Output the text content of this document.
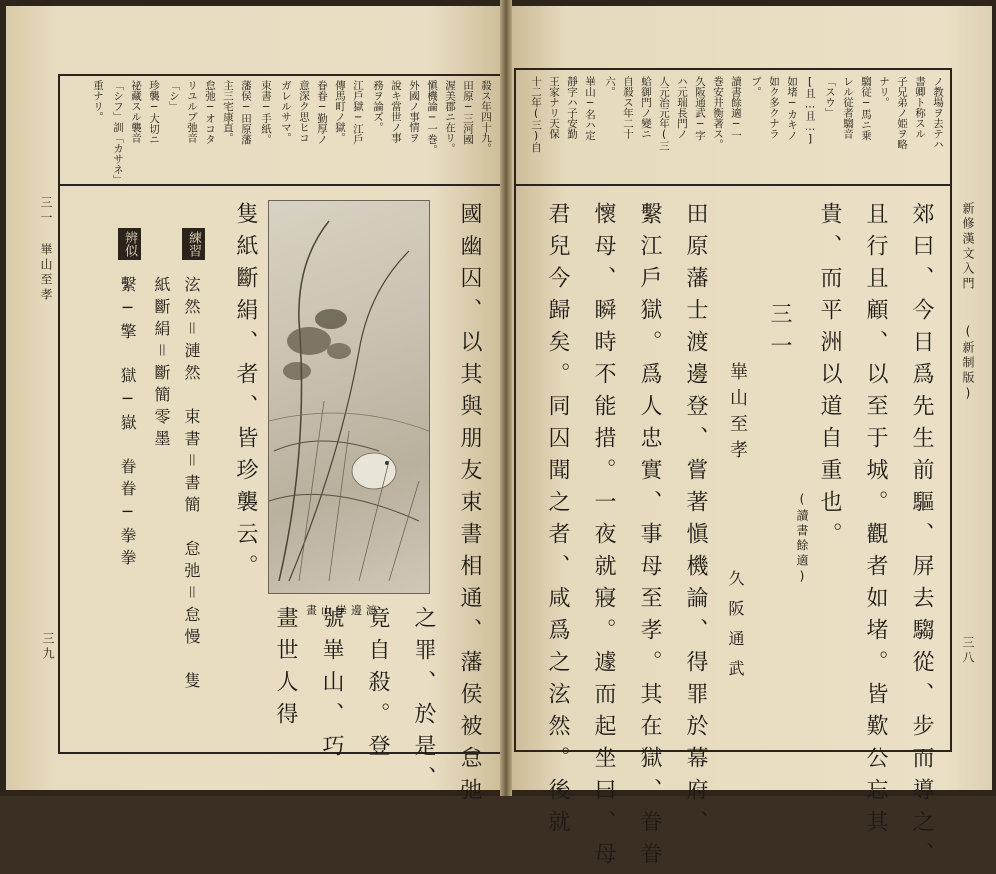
三一 崋山至孝
三九
殺ス年四十九。
田原─三河國
渥美郡ニ在リ。
愼機論─一巻。
外國ノ事情ヲ
說キ當世ノ事
務ヲ論ズ。
江戶獄─江戶
傳馬町ノ獄。
眷眷─勤厚ノ
意深ク思ヒコ
ガレルサマ。
束書─手紙。
藩侯─田原藩
主三宅康直。
怠弛─オコタ
リユルブ弛音
「シ」
珍襲─大切ニ
祕藏スル襲音
「シフ」訓「カサネ」
重ナリ。
國幽囚、以其與朋友束書相通、藩侯被怠弛
之罪、於是、
竟自殺。登
號崋山、巧
畫世人得 畫山崋邊渡
隻紙斷絹、者、皆珍襲云。
練習
泫然＝漣然　束書＝書簡　怠弛＝怠慢　隻
紙斷絹＝斷簡零墨
辨似
繫─擎　獄─嶽　眷眷─拳拳
新修漢文入門
(新制版)
三八
ノ教場ヲ去テハ
書卿ト称スル
子兄弟ノ姫ヲ略
ナリ。
騶従─馬ニ乗
レル従者騶音
「スウ」
[且…且…]
如堵─カキノ
如ク多クナラ
ブ。
讀書餘適─一
巻安井衡著ス。
久阪通武─字
ハ元瑞長門ノ
人元治元年(三
蛤御門ノ變ニ
自殺ス年二十
六。
崋山─名ハ定
靜字ハ子安勤
王家ナリ天保
十二年(三)自
郊曰、今日爲先生前驅、屏去騶從、步而導之、
且行且顧、以至于城。觀者如堵。皆歎公忘其
貴、而平洲以道自重也。
(讀書餘適)
三一
崋山至孝
久阪通武
田原藩士渡邊登、嘗著愼機論、得罪於幕府、
繫江戶獄。爲人忠實、事母至孝。其在獄、眷眷
懷母、瞬時不能措。一夜就寢。遽而起坐曰、母
君兒今歸矣。同囚聞之者、咸爲之泫然。後就
